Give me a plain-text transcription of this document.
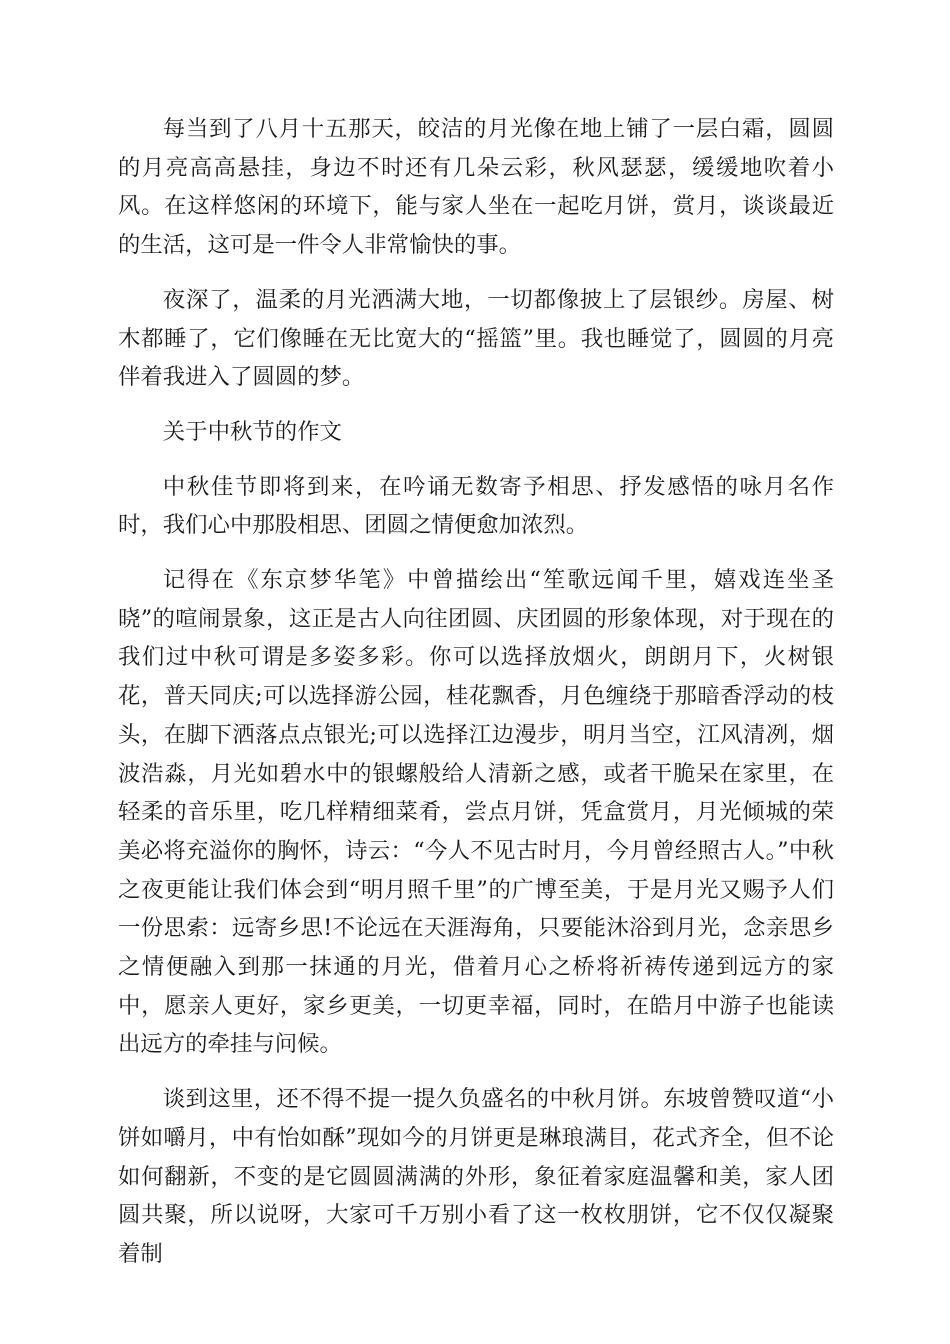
每当到了八月十五那天，皎洁的月光像在地上铺了一层白霜，圆圆的月亮高高悬挂，身边不时还有几朵云彩，秋风瑟瑟，缓缓地吹着小风。在这样悠闲的环境下，能与家人坐在一起吃月饼，赏月，谈谈最近的生活，这可是一件令人非常愉快的事。

夜深了，温柔的月光洒满大地，一切都像披上了层银纱。房屋、树木都睡了，它们像睡在无比宽大的“摇篮”里。我也睡觉了，圆圆的月亮伴着我进入了圆圆的梦。

关于中秋节的作文

中秋佳节即将到来，在吟诵无数寄予相思、抒发感悟的咏月名作时，我们心中那股相思、团圆之情便愈加浓烈。

记得在《东京梦华笔》中曾描绘出“笙歌远闻千里，嬉戏连坐圣晓”的喧闹景象，这正是古人向往团圆、庆团圆的形象体现，对于现在的我们过中秋可谓是多姿多彩。你可以选择放烟火，朗朗月下，火树银花，普天同庆;可以选择游公园，桂花飘香，月色缠绕于那暗香浮动的枝头，在脚下洒落点点银光;可以选择江边漫步，明月当空，江风清冽，烟波浩淼，月光如碧水中的银螺般给人清新之感，或者干脆呆在家里，在轻柔的音乐里，吃几样精细菜肴，尝点月饼，凭盒赏月，月光倾城的荣美必将充溢你的胸怀，诗云：“今人不见古时月，今月曾经照古人。”中秋之夜更能让我们体会到“明月照千里”的广博至美，于是月光又赐予人们一份思索：远寄乡思!不论远在天涯海角，只要能沐浴到月光，念亲思乡之情便融入到那一抹通的月光，借着月心之桥将祈祷传递到远方的家中，愿亲人更好，家乡更美，一切更幸福，同时，在皓月中游子也能读出远方的牵挂与问候。

谈到这里，还不得不提一提久负盛名的中秋月饼。东坡曾赞叹道“小饼如嚼月，中有怡如酥”现如今的月饼更是琳琅满目，花式齐全，但不论如何翻新，不变的是它圆圆满满的外形，象征着家庭温馨和美，家人团圆共聚，所以说呀，大家可千万别小看了这一枚枚朋饼，它不仅仅凝聚着制
